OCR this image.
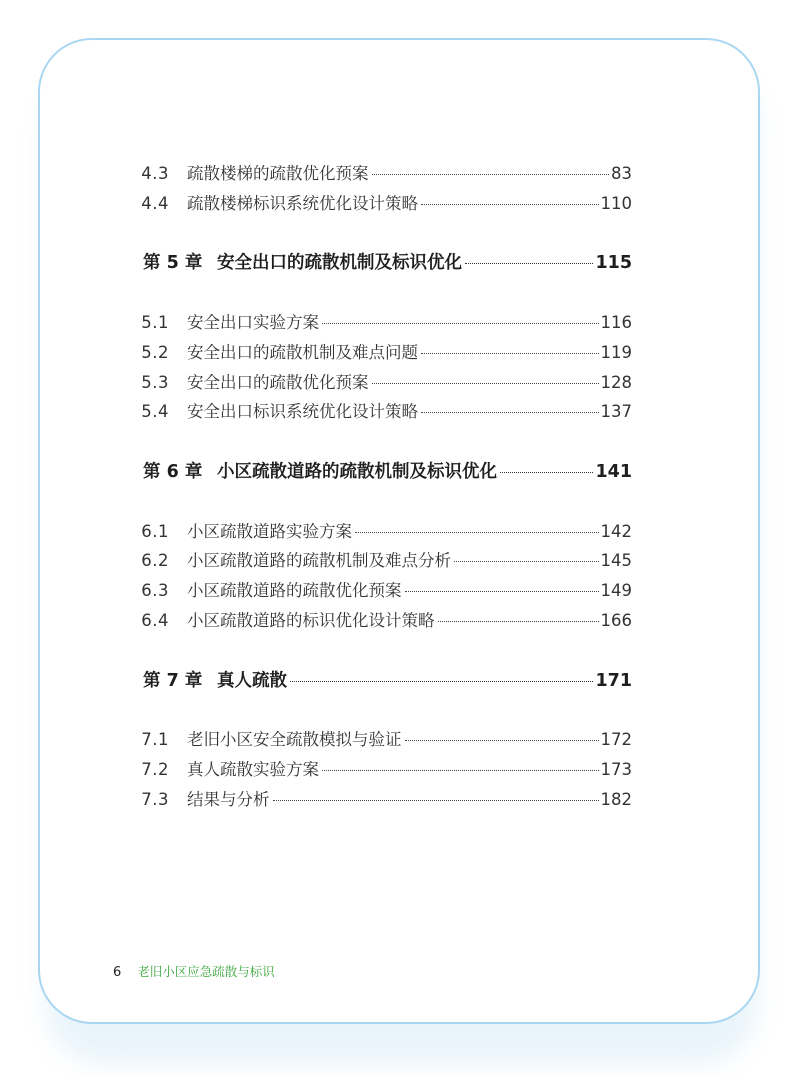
4.3	疏散楼梯的疏散优化预案	83
4.4	疏散楼梯标识系统优化设计策略	110
第 5 章 安全出口的疏散机制及标识优化	115
5.1	安全出口实验方案	116
5.2	安全出口的疏散机制及难点问题	119
5.3	安全出口的疏散优化预案	128
5.4	安全出口标识系统优化设计策略	137
第 6 章 小区疏散道路的疏散机制及标识优化	141
6.1	小区疏散道路实验方案	142
6.2	小区疏散道路的疏散机制及难点分析	145
6.3	小区疏散道路的疏散优化预案	149
6.4	小区疏散道路的标识优化设计策略	166
第 7 章 真人疏散	171
7.1	老旧小区安全疏散模拟与验证	172
7.2	真人疏散实验方案	173
7.3	结果与分析	182
6 老旧小区应急疏散与标识
